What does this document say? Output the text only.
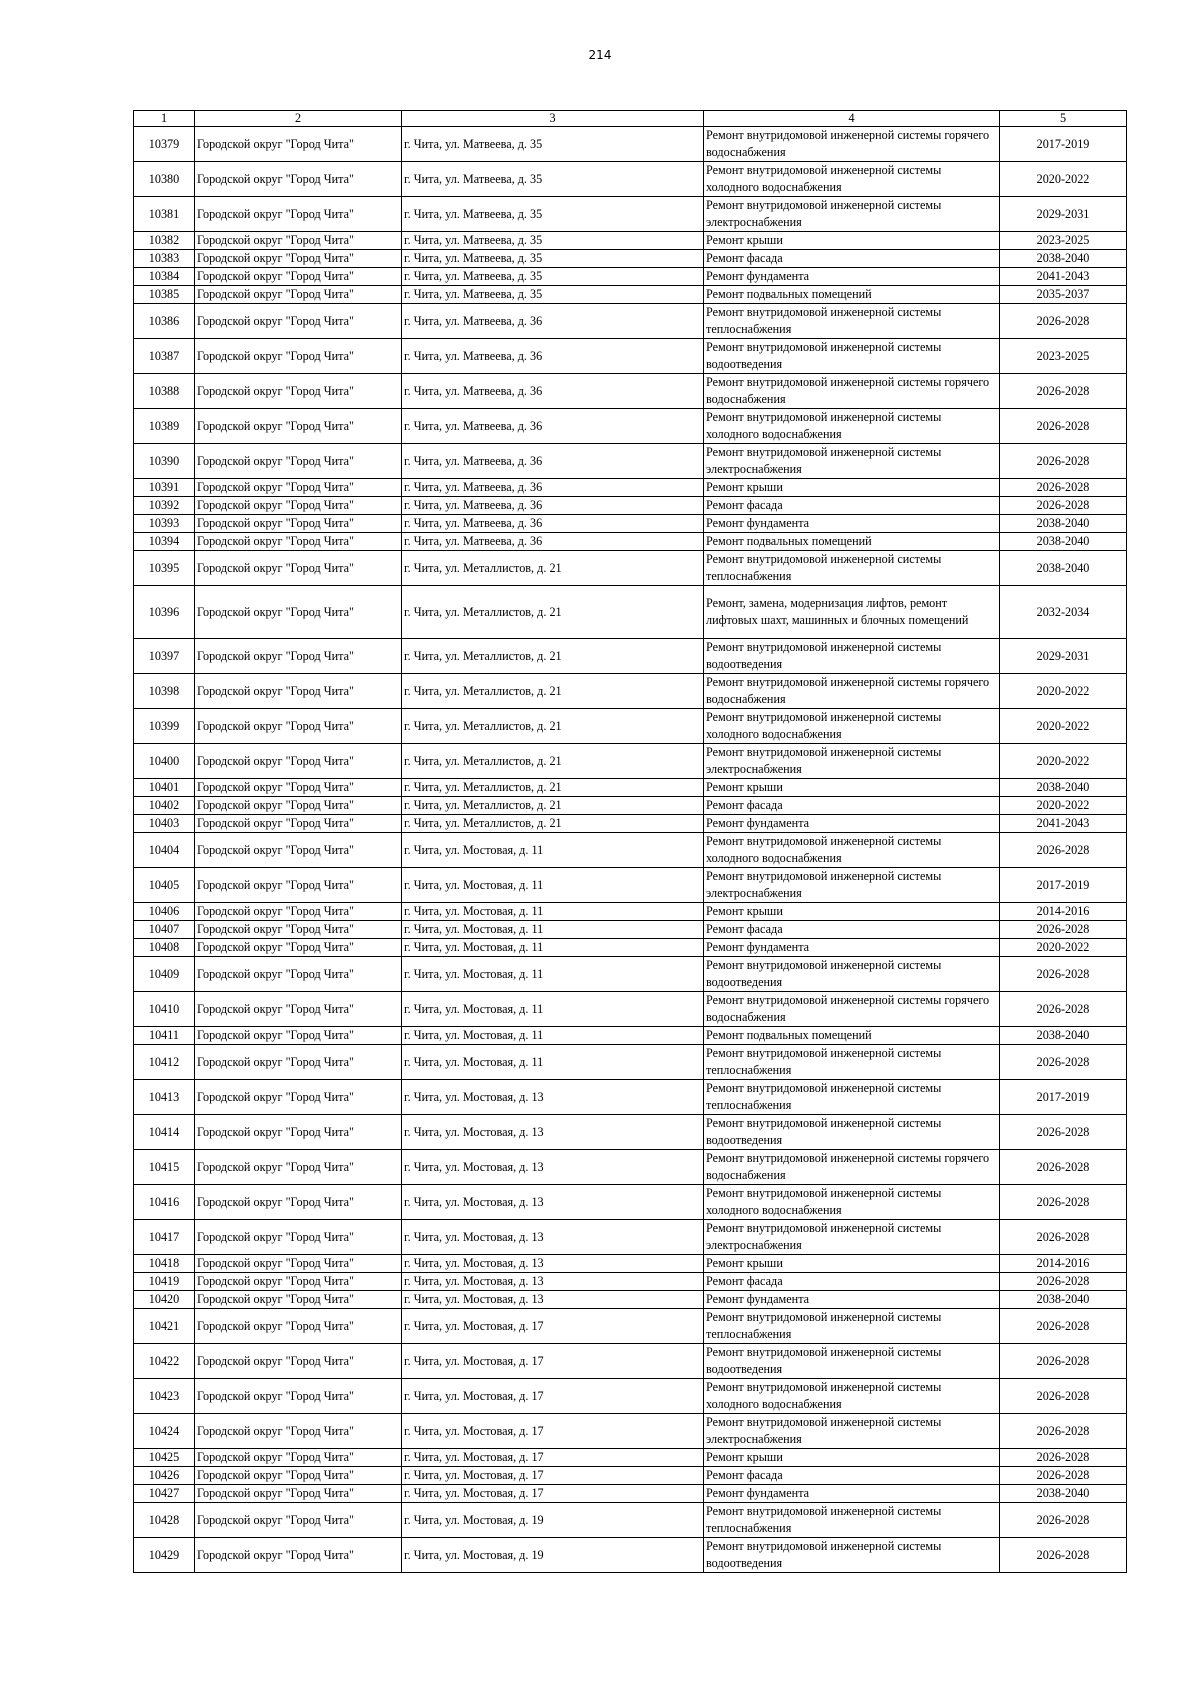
214
1	2	3	4	5
10379	Городской округ "Город Чита"	г. Чита, ул. Матвеева, д. 35	Ремонт внутридомовой инженерной системы горячего водоснабжения	2017-2019
10380	Городской округ "Город Чита"	г. Чита, ул. Матвеева, д. 35	Ремонт внутридомовой инженерной системы холодного водоснабжения	2020-2022
10381	Городской округ "Город Чита"	г. Чита, ул. Матвеева, д. 35	Ремонт внутридомовой инженерной системы электроснабжения	2029-2031
10382	Городской округ "Город Чита"	г. Чита, ул. Матвеева, д. 35	Ремонт крыши	2023-2025
10383	Городской округ "Город Чита"	г. Чита, ул. Матвеева, д. 35	Ремонт фасада	2038-2040
10384	Городской округ "Город Чита"	г. Чита, ул. Матвеева, д. 35	Ремонт фундамента	2041-2043
10385	Городской округ "Город Чита"	г. Чита, ул. Матвеева, д. 35	Ремонт подвальных помещений	2035-2037
10386	Городской округ "Город Чита"	г. Чита, ул. Матвеева, д. 36	Ремонт внутридомовой инженерной системы теплоснабжения	2026-2028
10387	Городской округ "Город Чита"	г. Чита, ул. Матвеева, д. 36	Ремонт внутридомовой инженерной системы водоотведения	2023-2025
10388	Городской округ "Город Чита"	г. Чита, ул. Матвеева, д. 36	Ремонт внутридомовой инженерной системы горячего водоснабжения	2026-2028
10389	Городской округ "Город Чита"	г. Чита, ул. Матвеева, д. 36	Ремонт внутридомовой инженерной системы холодного водоснабжения	2026-2028
10390	Городской округ "Город Чита"	г. Чита, ул. Матвеева, д. 36	Ремонт внутридомовой инженерной системы электроснабжения	2026-2028
10391	Городской округ "Город Чита"	г. Чита, ул. Матвеева, д. 36	Ремонт крыши	2026-2028
10392	Городской округ "Город Чита"	г. Чита, ул. Матвеева, д. 36	Ремонт фасада	2026-2028
10393	Городской округ "Город Чита"	г. Чита, ул. Матвеева, д. 36	Ремонт фундамента	2038-2040
10394	Городской округ "Город Чита"	г. Чита, ул. Матвеева, д. 36	Ремонт подвальных помещений	2038-2040
10395	Городской округ "Город Чита"	г. Чита, ул. Металлистов, д. 21	Ремонт внутридомовой инженерной системы теплоснабжения	2038-2040
10396	Городской округ "Город Чита"	г. Чита, ул. Металлистов, д. 21	Ремонт, замена, модернизация лифтов, ремонт лифтовых шахт, машинных и блочных помещений	2032-2034
10397	Городской округ "Город Чита"	г. Чита, ул. Металлистов, д. 21	Ремонт внутридомовой инженерной системы водоотведения	2029-2031
10398	Городской округ "Город Чита"	г. Чита, ул. Металлистов, д. 21	Ремонт внутридомовой инженерной системы горячего водоснабжения	2020-2022
10399	Городской округ "Город Чита"	г. Чита, ул. Металлистов, д. 21	Ремонт внутридомовой инженерной системы холодного водоснабжения	2020-2022
10400	Городской округ "Город Чита"	г. Чита, ул. Металлистов, д. 21	Ремонт внутридомовой инженерной системы электроснабжения	2020-2022
10401	Городской округ "Город Чита"	г. Чита, ул. Металлистов, д. 21	Ремонт крыши	2038-2040
10402	Городской округ "Город Чита"	г. Чита, ул. Металлистов, д. 21	Ремонт фасада	2020-2022
10403	Городской округ "Город Чита"	г. Чита, ул. Металлистов, д. 21	Ремонт фундамента	2041-2043
10404	Городской округ "Город Чита"	г. Чита, ул. Мостовая, д. 11	Ремонт внутридомовой инженерной системы холодного водоснабжения	2026-2028
10405	Городской округ "Город Чита"	г. Чита, ул. Мостовая, д. 11	Ремонт внутридомовой инженерной системы электроснабжения	2017-2019
10406	Городской округ "Город Чита"	г. Чита, ул. Мостовая, д. 11	Ремонт крыши	2014-2016
10407	Городской округ "Город Чита"	г. Чита, ул. Мостовая, д. 11	Ремонт фасада	2026-2028
10408	Городской округ "Город Чита"	г. Чита, ул. Мостовая, д. 11	Ремонт фундамента	2020-2022
10409	Городской округ "Город Чита"	г. Чита, ул. Мостовая, д. 11	Ремонт внутридомовой инженерной системы водоотведения	2026-2028
10410	Городской округ "Город Чита"	г. Чита, ул. Мостовая, д. 11	Ремонт внутридомовой инженерной системы горячего водоснабжения	2026-2028
10411	Городской округ "Город Чита"	г. Чита, ул. Мостовая, д. 11	Ремонт подвальных помещений	2038-2040
10412	Городской округ "Город Чита"	г. Чита, ул. Мостовая, д. 11	Ремонт внутридомовой инженерной системы теплоснабжения	2026-2028
10413	Городской округ "Город Чита"	г. Чита, ул. Мостовая, д. 13	Ремонт внутридомовой инженерной системы теплоснабжения	2017-2019
10414	Городской округ "Город Чита"	г. Чита, ул. Мостовая, д. 13	Ремонт внутридомовой инженерной системы водоотведения	2026-2028
10415	Городской округ "Город Чита"	г. Чита, ул. Мостовая, д. 13	Ремонт внутридомовой инженерной системы горячего водоснабжения	2026-2028
10416	Городской округ "Город Чита"	г. Чита, ул. Мостовая, д. 13	Ремонт внутридомовой инженерной системы холодного водоснабжения	2026-2028
10417	Городской округ "Город Чита"	г. Чита, ул. Мостовая, д. 13	Ремонт внутридомовой инженерной системы электроснабжения	2026-2028
10418	Городской округ "Город Чита"	г. Чита, ул. Мостовая, д. 13	Ремонт крыши	2014-2016
10419	Городской округ "Город Чита"	г. Чита, ул. Мостовая, д. 13	Ремонт фасада	2026-2028
10420	Городской округ "Город Чита"	г. Чита, ул. Мостовая, д. 13	Ремонт фундамента	2038-2040
10421	Городской округ "Город Чита"	г. Чита, ул. Мостовая, д. 17	Ремонт внутридомовой инженерной системы теплоснабжения	2026-2028
10422	Городской округ "Город Чита"	г. Чита, ул. Мостовая, д. 17	Ремонт внутридомовой инженерной системы водоотведения	2026-2028
10423	Городской округ "Город Чита"	г. Чита, ул. Мостовая, д. 17	Ремонт внутридомовой инженерной системы холодного водоснабжения	2026-2028
10424	Городской округ "Город Чита"	г. Чита, ул. Мостовая, д. 17	Ремонт внутридомовой инженерной системы электроснабжения	2026-2028
10425	Городской округ "Город Чита"	г. Чита, ул. Мостовая, д. 17	Ремонт крыши	2026-2028
10426	Городской округ "Город Чита"	г. Чита, ул. Мостовая, д. 17	Ремонт фасада	2026-2028
10427	Городской округ "Город Чита"	г. Чита, ул. Мостовая, д. 17	Ремонт фундамента	2038-2040
10428	Городской округ "Город Чита"	г. Чита, ул. Мостовая, д. 19	Ремонт внутридомовой инженерной системы теплоснабжения	2026-2028
10429	Городской округ "Город Чита"	г. Чита, ул. Мостовая, д. 19	Ремонт внутридомовой инженерной системы водоотведения	2026-2028
